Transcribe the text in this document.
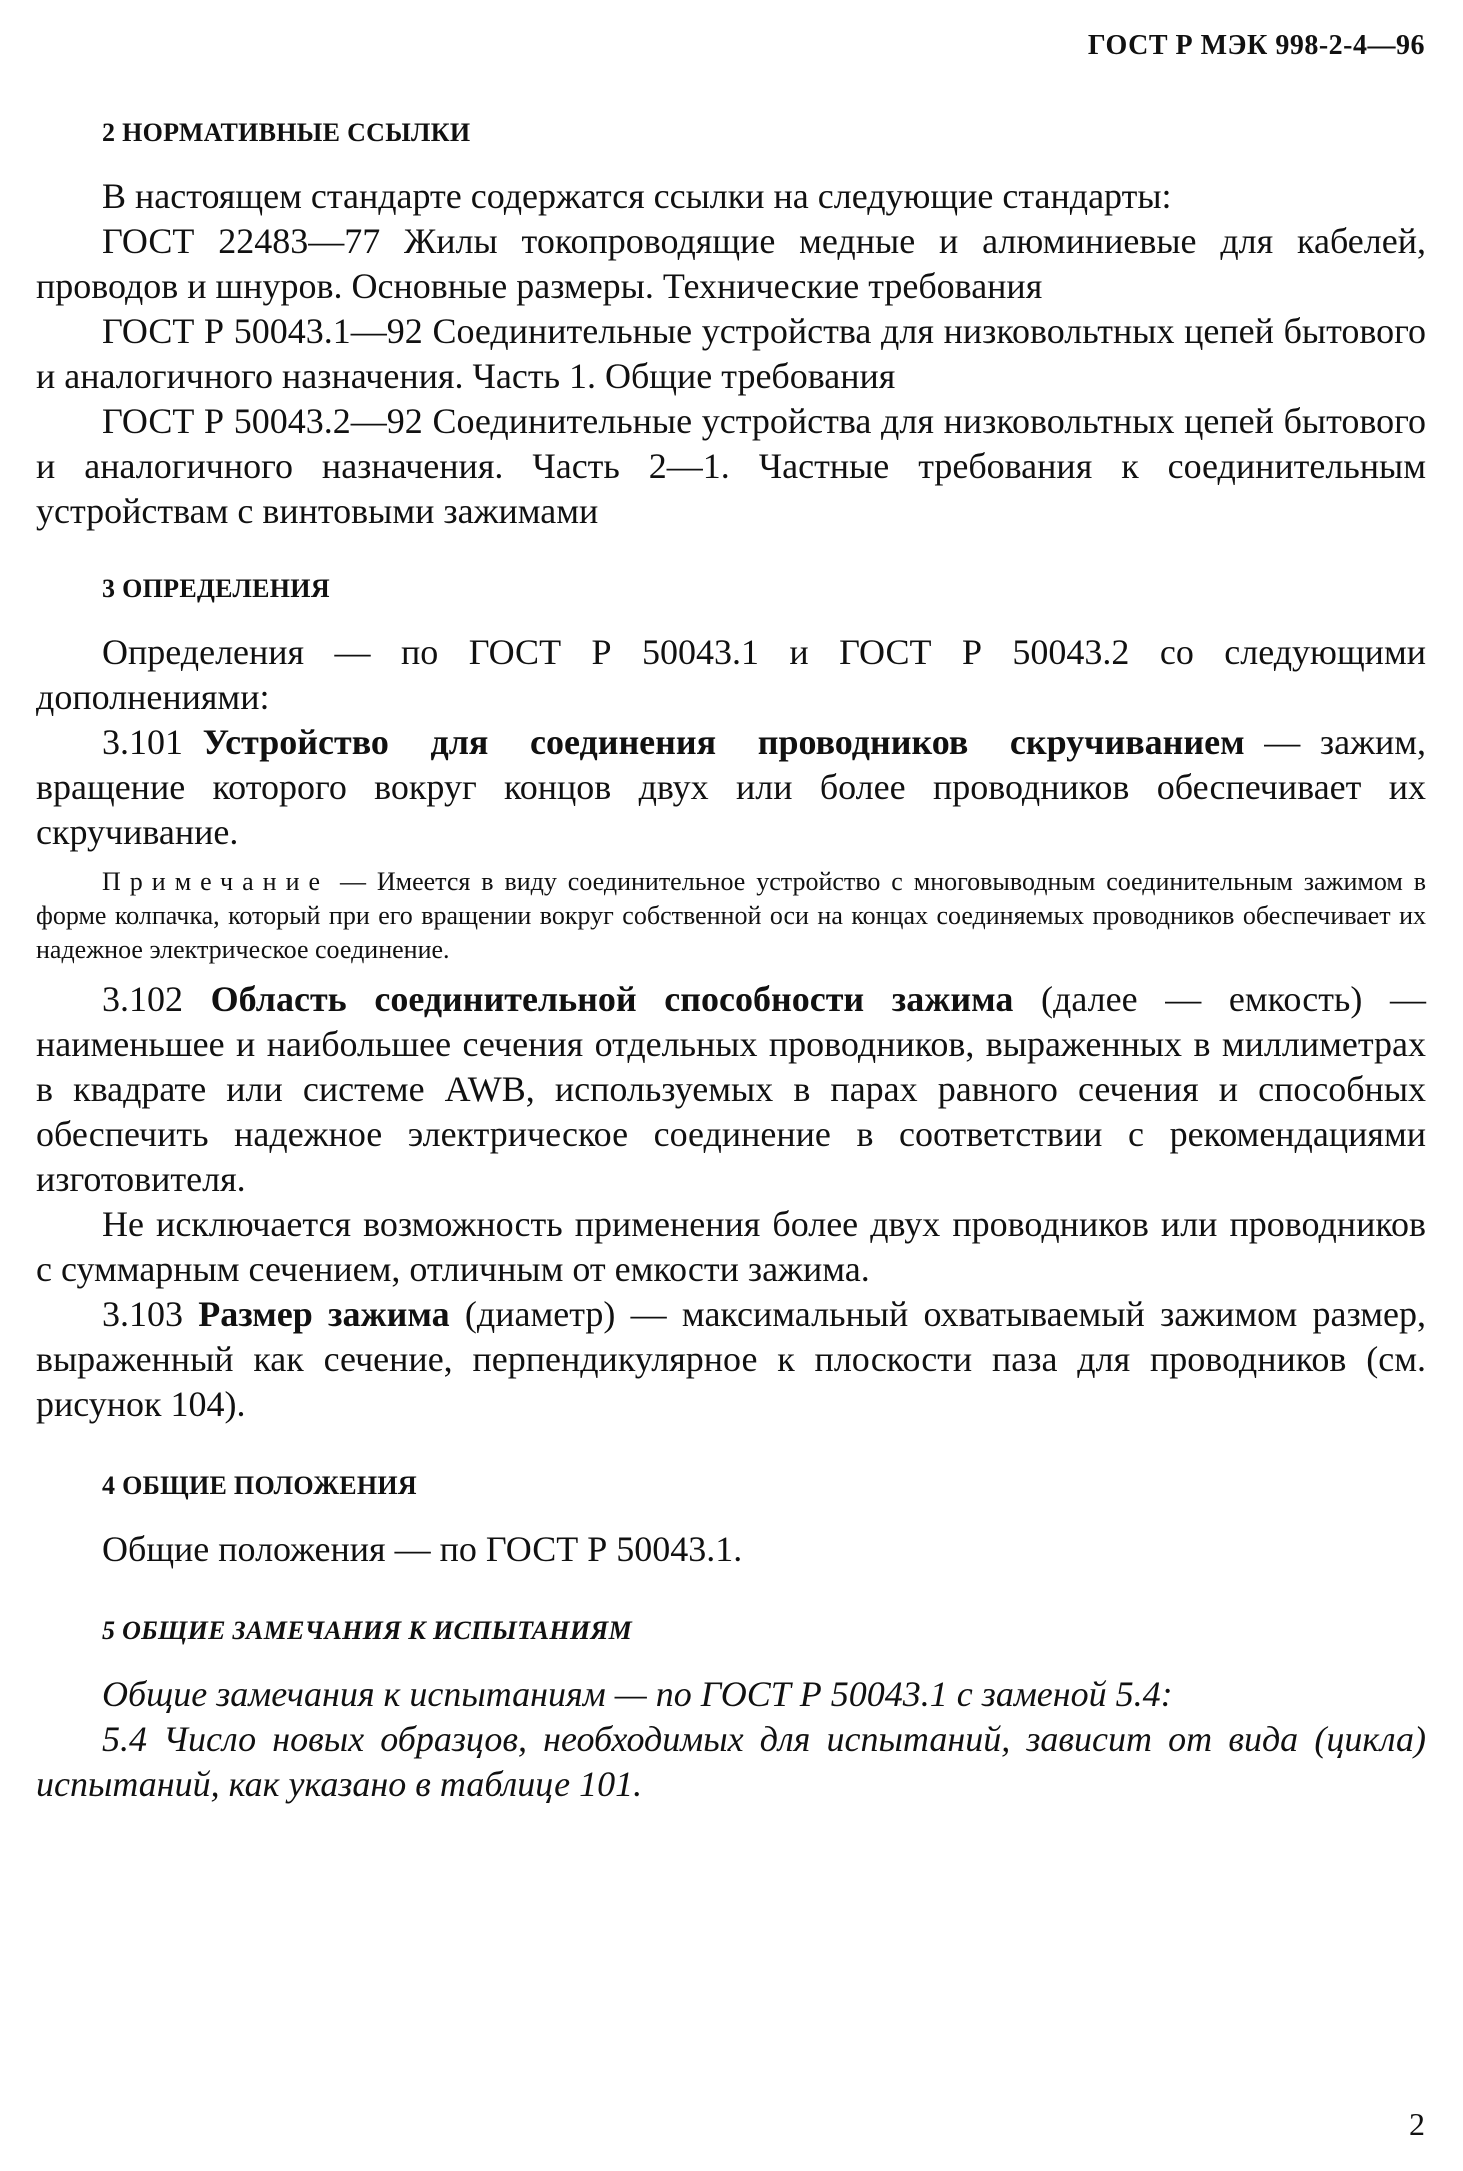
ГОСТ Р МЭК 998-2-4—96
2 НОРМАТИВНЫЕ ССЫЛКИ

В настоящем стандарте содержатся ссылки на следующие стандарты:

ГОСТ 22483—77 Жилы токопроводящие медные и алюминиевые для кабелей, проводов и шнуров. Основные размеры. Технические требования

ГОСТ Р 50043.1—92 Соединительные устройства для низковольтных цепей бытового и аналогичного назначения. Часть 1. Общие требования

ГОСТ Р 50043.2—92 Соединительные устройства для низковольтных цепей бытового и аналогичного назначения. Часть 2—1. Частные требования к соединительным устройствам с винтовыми зажимами

3 ОПРЕДЕЛЕНИЯ

Определения — по ГОСТ Р 50043.1 и ГОСТ Р 50043.2 со следующими дополнениями:

3.101 Устройство для соединения проводников скручиванием — зажим, вращение которого вокруг концов двух или более проводников обеспечивает их скручивание.

Примечание — Имеется в виду соединительное устройство с многовыводным соединительным зажимом в форме колпачка, который при его вращении вокруг собственной оси на концах соединяемых проводников обеспечивает их надежное электрическое соединение.

3.102 Область соединительной способности зажима (далее — емкость) — наименьшее и наибольшее сечения отдельных проводников, выраженных в миллиметрах в квадрате или системе AWB, используемых в парах равного сечения и способных обеспечить надежное электрическое соединение в соответствии с рекомендациями изготовителя.

Не исключается возможность применения более двух проводников или проводников с суммарным сечением, отличным от емкости зажима.

3.103 Размер зажима (диаметр) — максимальный охватываемый зажимом размер, выраженный как сечение, перпендикулярное к плоскости паза для проводников (см. рисунок 104).

4 ОБЩИЕ ПОЛОЖЕНИЯ

Общие положения — по ГОСТ Р 50043.1.

5 ОБЩИЕ ЗАМЕЧАНИЯ К ИСПЫТАНИЯМ

Общие замечания к испытаниям — по ГОСТ Р 50043.1 с заменой 5.4:

5.4 Число новых образцов, необходимых для испытаний, зависит от вида (цикла) испытаний, как указано в таблице 101.

2
